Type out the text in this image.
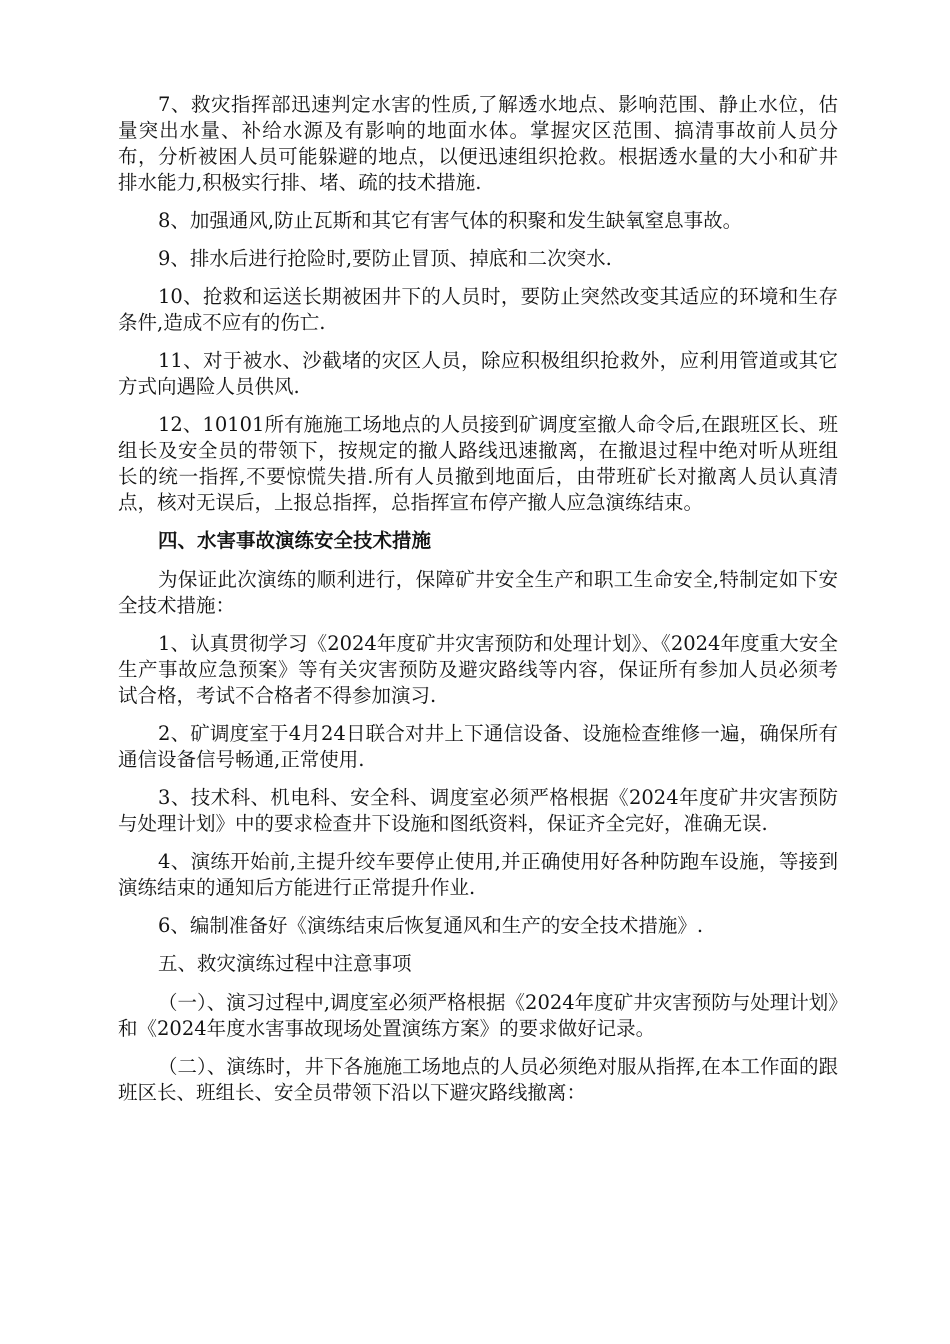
7、救灾指挥部迅速判定水害的性质,了解透水地点、影响范围、静止水位，估量突出水量、补给水源及有影响的地面水体。掌握灾区范围、搞清事故前人员分布，分析被困人员可能躲避的地点，以便迅速组织抢救。根据透水量的大小和矿井排水能力,积极实行排、堵、疏的技术措施.

8、加强通风,防止瓦斯和其它有害气体的积聚和发生缺氧窒息事故。

9、排水后进行抢险时,要防止冒顶、掉底和二次突水.

10、抢救和运送长期被困井下的人员时，要防止突然改变其适应的环境和生存条件,造成不应有的伤亡.

11、对于被水、沙截堵的灾区人员，除应积极组织抢救外，应利用管道或其它方式向遇险人员供风.

12、10101所有施施工场地点的人员接到矿调度室撤人命令后,在跟班区长、班组长及安全员的带领下，按规定的撤人路线迅速撤离，在撤退过程中绝对听从班组长的统一指挥,不要惊慌失措.所有人员撤到地面后，由带班矿长对撤离人员认真清点，核对无误后，上报总指挥，总指挥宣布停产撤人应急演练结束。

四、水害事故演练安全技术措施

为保证此次演练的顺利进行，保障矿井安全生产和职工生命安全,特制定如下安全技术措施：

1、认真贯彻学习《2024年度矿井灾害预防和处理计划》、《2024年度重大安全生产事故应急预案》等有关灾害预防及避灾路线等内容，保证所有参加人员必须考试合格，考试不合格者不得参加演习.

2、矿调度室于4月24日联合对井上下通信设备、设施检查维修一遍，确保所有通信设备信号畅通,正常使用.

3、技术科、机电科、安全科、调度室必须严格根据《2024年度矿井灾害预防与处理计划》中的要求检查井下设施和图纸资料，保证齐全完好，准确无误.

4、演练开始前,主提升绞车要停止使用,并正确使用好各种防跑车设施，等接到演练结束的通知后方能进行正常提升作业.

6、编制准备好《演练结束后恢复通风和生产的安全技术措施》.

五、救灾演练过程中注意事项

（一）、演习过程中,调度室必须严格根据《2024年度矿井灾害预防与处理计划》和《2024年度水害事故现场处置演练方案》的要求做好记录。

（二）、演练时，井下各施施工场地点的人员必须绝对服从指挥,在本工作面的跟班区长、班组长、安全员带领下沿以下避灾路线撤离：
